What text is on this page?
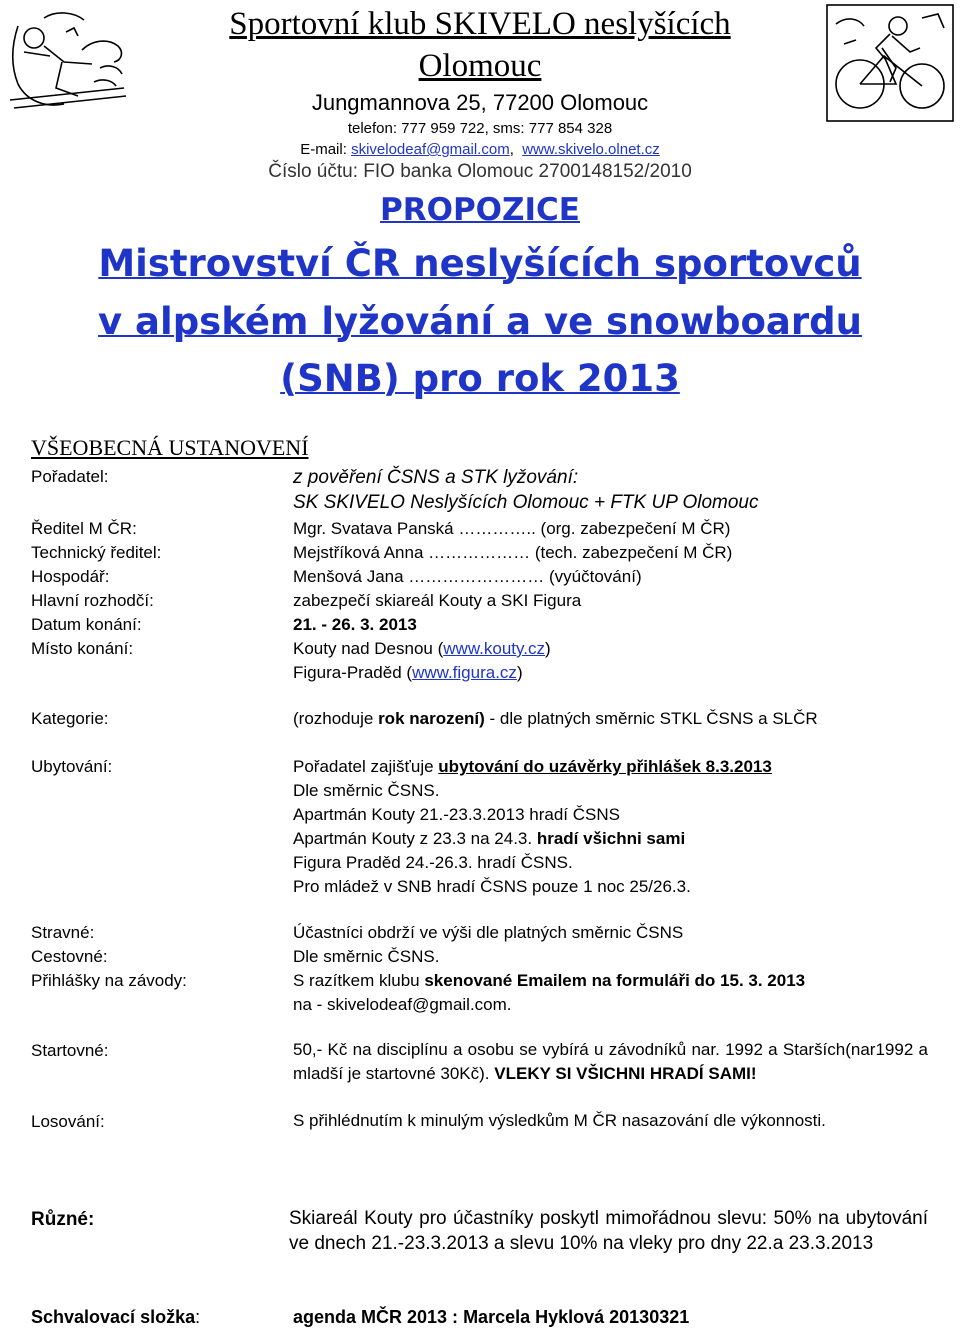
Sportovní klub SKIVELO neslyšících
Olomouc
Jungmannova 25, 77200 Olomouc
telefon: 777 959 722, sms: 777 854 328
E-mail: skivelodeaf@gmail.com,  www.skivelo.olnet.cz
Číslo účtu: FIO banka Olomouc 2700148152/2010
PROPOZICE
Mistrovství ČR neslyšících sportovců
v alpském lyžování a ve snowboardu
(SNB) pro rok 2013
VŠEOBECNÁ USTANOVENÍ
Pořadatel:	z pověření ČSNS a STK lyžování:
SK SKIVELO Neslyšících Olomouc + FTK UP Olomouc
Ředitel M ČR:	Mgr. Svatava Panská ………….. (org. zabezpečení M ČR)
Technický ředitel:	Mejstříková Anna ……………… (tech. zabezpečení M ČR)
Hospodář:	Menšová Jana …………………… (vyúčtování)
Hlavní rozhodčí:	zabezpečí skiareál Kouty a SKI Figura
Datum konání:	21. - 26. 3. 2013
Místo konání:	Kouty nad Desnou (www.kouty.cz)
Figura-Praděd (www.figura.cz)
Kategorie:	(rozhoduje rok narození) - dle platných směrnic STKL ČSNS a SLČR
Ubytování:	Pořadatel zajišťuje ubytování do uzávěrky přihlášek 8.3.2013
Dle směrnic ČSNS.
Apartmán Kouty 21.-23.3.2013 hradí ČSNS
Apartmán Kouty z 23.3 na 24.3. hradí všichni sami
Figura Praděd 24.-26.3. hradí ČSNS.
Pro mládež v SNB hradí ČSNS pouze 1 noc 25/26.3.
Stravné:	Účastníci obdrží ve výši dle platných směrnic ČSNS
Cestovné:	Dle směrnic ČSNS.
Přihlášky na závody:	S razítkem klubu skenované Emailem na formuláři do 15. 3. 2013
na - skivelodeaf@gmail.com.
Startovné:	50,- Kč na disciplínu a osobu se vybírá u závodníků nar. 1992 a Starších(nar1992 a mladší je startovné 30Kč). VLEKY SI VŠICHNI HRADÍ SAMI!
Losování:	S přihlédnutím k minulým výsledkům M ČR nasazování dle výkonnosti.
Různé:	Skiareál Kouty pro účastníky poskytl mimořádnou slevu: 50% na ubytování ve dnech 21.-23.3.2013 a slevu 10% na vleky pro dny 22.a 23.3.2013
Schvalovací složka:	agenda MČR 2013 : Marcela Hyklová 20130321
